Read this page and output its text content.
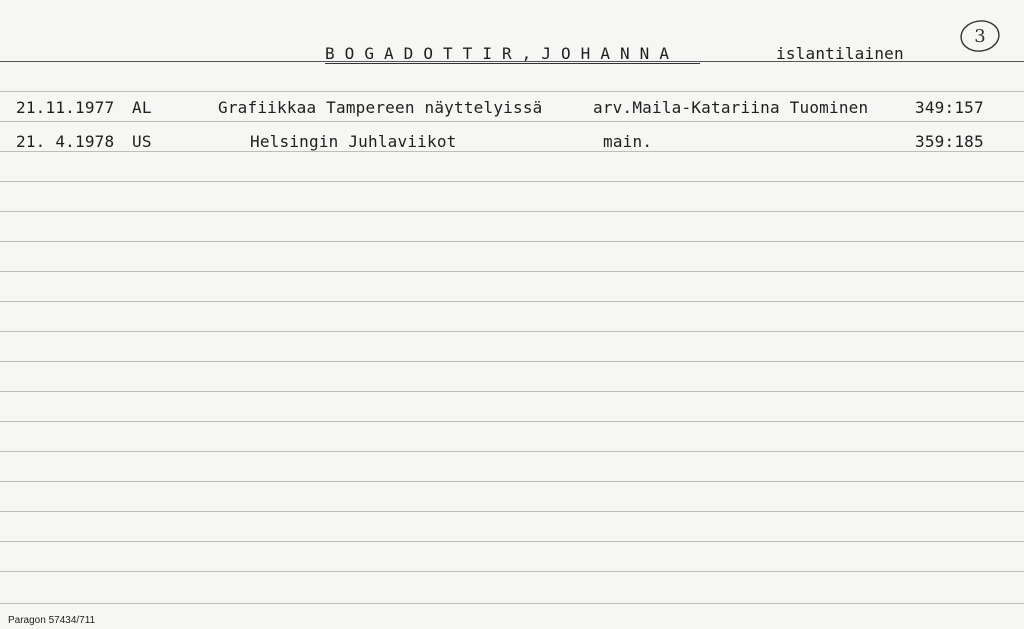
B O G A D O T T I R , J O H A N N A	islantilainen
3
21.11.1977 AL	Grafiikkaa Tampereen näyttelyissä	arv.Maila-Katariina Tuominen	349:157
21. 4.1978 US	Helsingin Juhlaviikot	main.	359:185
Paragon 57434/711
